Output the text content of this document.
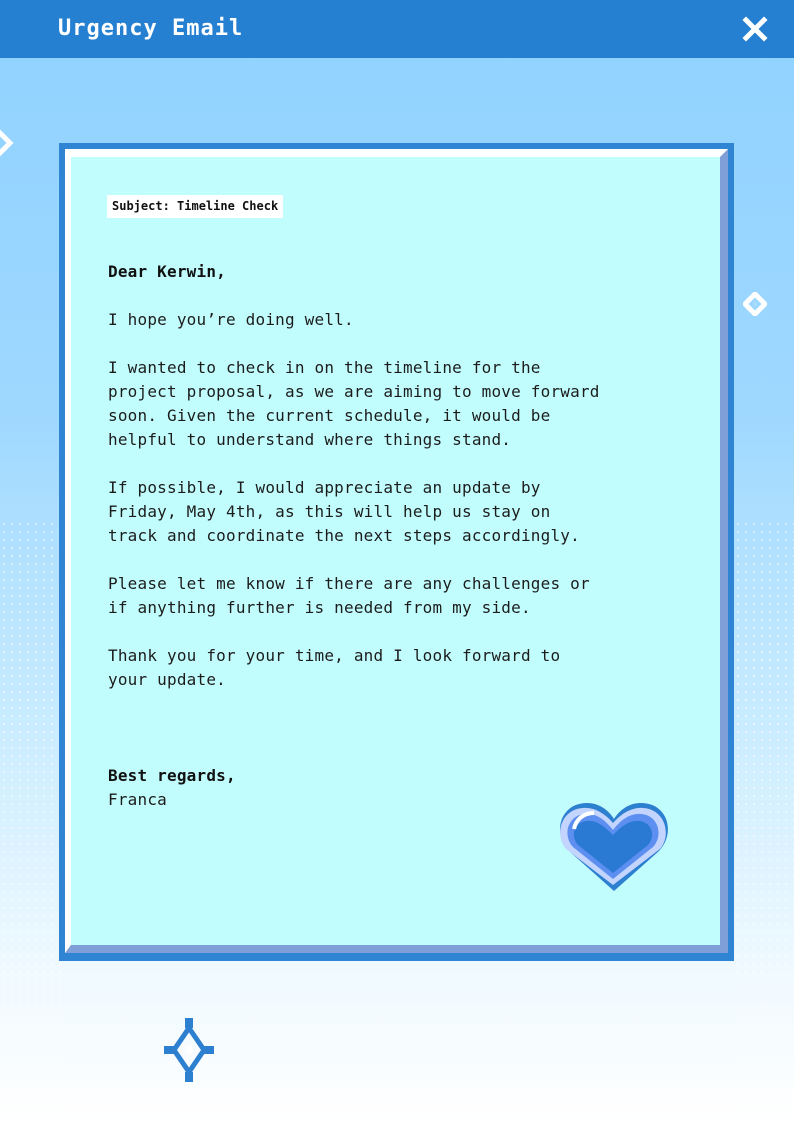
Urgency Email
Subject: Timeline Check
Dear Kerwin,
I hope you’re doing well.
I wanted to check in on the timeline for the
project proposal, as we are aiming to move forward
soon. Given the current schedule, it would be
helpful to understand where things stand.
If possible, I would appreciate an update by
Friday, May 4th, as this will help us stay on
track and coordinate the next steps accordingly.
Please let me know if there are any challenges or
if anything further is needed from my side.
Thank you for your time, and I look forward to
your update.
Best regards,
Franca
